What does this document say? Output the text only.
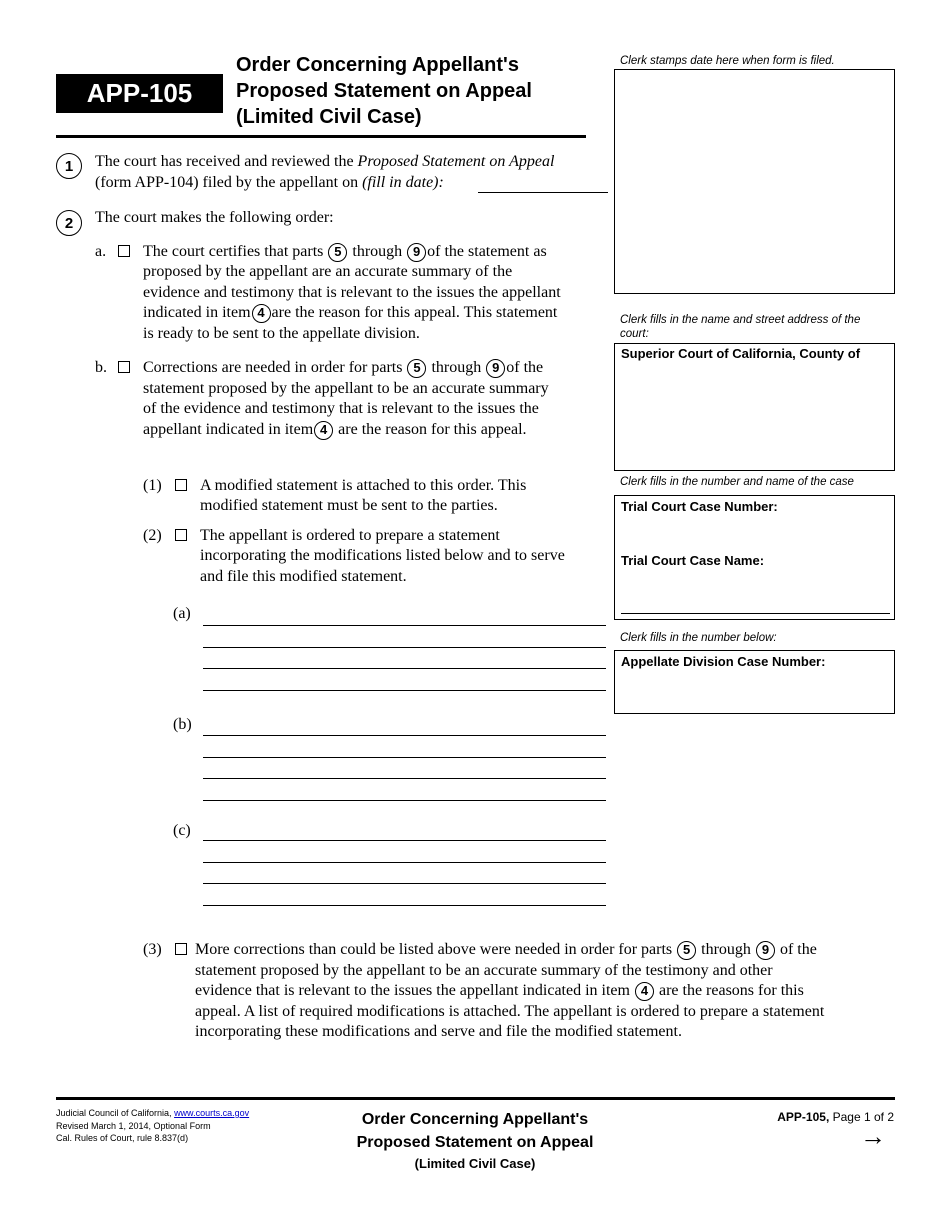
APP-105
Order Concerning Appellant's
Proposed Statement on Appeal
(Limited Civil Case)
Clerk stamps date here when form is filed.
Clerk fills in the name and street address of the court:
Superior Court of California, County of
Clerk fills in the number and name of the case
Trial Court Case Number:
Trial Court Case Name:
Clerk fills in the number below:
Appellate Division Case Number:
1	The court has received and reviewed the Proposed Statement on Appeal
(form APP-104) filed by the appellant on (fill in date):
2	The court makes the following order:
a. The court certifies that parts 5 through 9 of the statement as
proposed by the appellant are an accurate summary of the
evidence and testimony that is relevant to the issues the appellant
indicated in item 4 are the reason for this appeal. This statement
is ready to be sent to the appellate division.
b. Corrections are needed in order for parts 5 through 9 of the
statement proposed by the appellant to be an accurate summary
of the evidence and testimony that is relevant to the issues the
appellant indicated in item 4 are the reason for this appeal.
(1) A modified statement is attached to this order. This
modified statement must be sent to the parties.
(2) The appellant is ordered to prepare a statement
incorporating the modifications listed below and to serve
and file this modified statement.
(a)
(b)
(c)
(3) More corrections than could be listed above were needed in order for parts 5 through 9 of the
statement proposed by the appellant to be an accurate summary of the testimony and other
evidence that is relevant to the issues the appellant indicated in item 4 are the reasons for this
appeal. A list of required modifications is attached. The appellant is ordered to prepare a statement
incorporating these modifications and serve and file the modified statement.
Judicial Council of California, www.courts.ca.gov
Revised March 1, 2014, Optional Form
Cal. Rules of Court, rule 8.837(d)
Order Concerning Appellant's
Proposed Statement on Appeal
(Limited Civil Case)
APP-105, Page 1 of 2
→
